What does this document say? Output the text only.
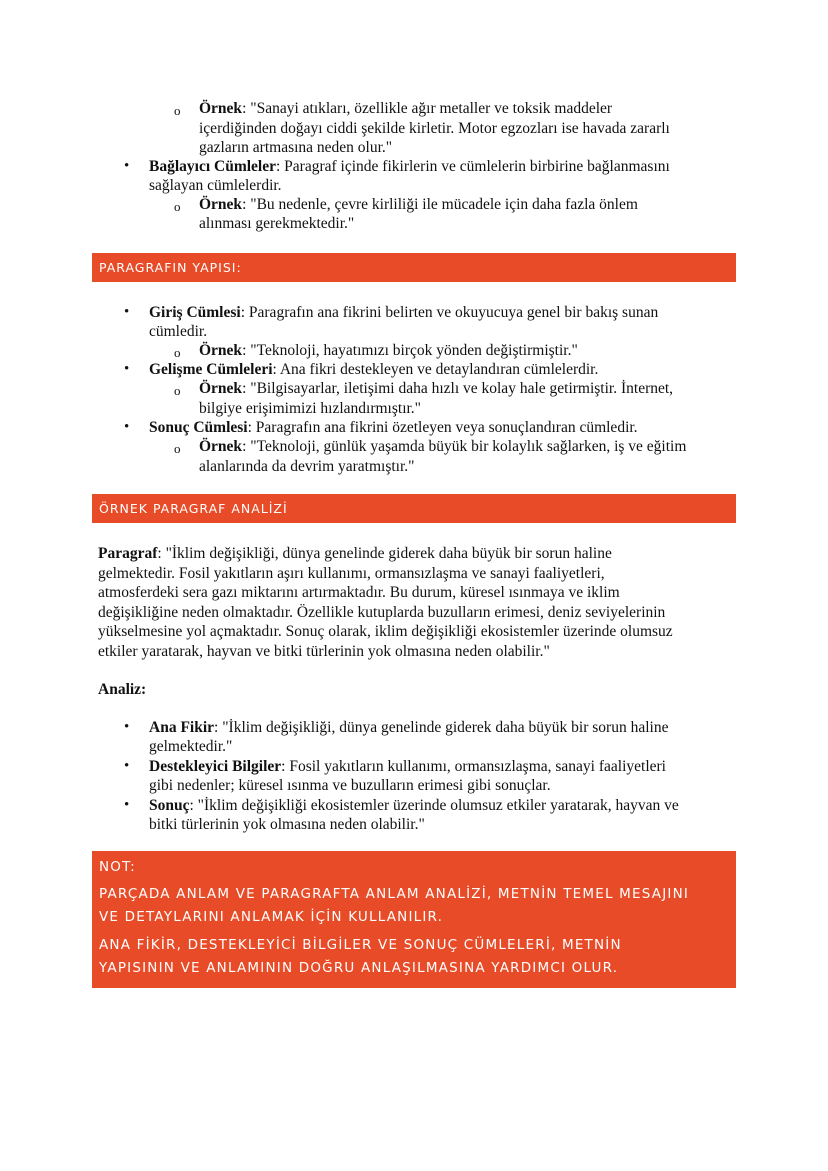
o Örnek: "Sanayi atıkları, özellikle ağır metaller ve toksik maddeler
içerdiğinden doğayı ciddi şekilde kirletir. Motor egzozları ise havada zararlı
gazların artmasına neden olur."
• Bağlayıcı Cümleler: Paragraf içinde fikirlerin ve cümlelerin birbirine bağlanmasını
sağlayan cümlelerdir.
o Örnek: "Bu nedenle, çevre kirliliği ile mücadele için daha fazla önlem
alınması gerekmektedir."
PARAGRAFIN YAPISI:
• Giriş Cümlesi: Paragrafın ana fikrini belirten ve okuyucuya genel bir bakış sunan
cümledir.
o Örnek: "Teknoloji, hayatımızı birçok yönden değiştirmiştir."
• Gelişme Cümleleri: Ana fikri destekleyen ve detaylandıran cümlelerdir.
o Örnek: "Bilgisayarlar, iletişimi daha hızlı ve kolay hale getirmiştir. İnternet,
bilgiye erişimimizi hızlandırmıştır."
• Sonuç Cümlesi: Paragrafın ana fikrini özetleyen veya sonuçlandıran cümledir.
o Örnek: "Teknoloji, günlük yaşamda büyük bir kolaylık sağlarken, iş ve eğitim
alanlarında da devrim yaratmıştır."
ÖRNEK PARAGRAF ANALİZİ
Paragraf: "İklim değişikliği, dünya genelinde giderek daha büyük bir sorun haline
gelmektedir. Fosil yakıtların aşırı kullanımı, ormansızlaşma ve sanayi faaliyetleri,
atmosferdeki sera gazı miktarını artırmaktadır. Bu durum, küresel ısınmaya ve iklim
değişikliğine neden olmaktadır. Özellikle kutuplarda buzulların erimesi, deniz seviyelerinin
yükselmesine yol açmaktadır. Sonuç olarak, iklim değişikliği ekosistemler üzerinde olumsuz
etkiler yaratarak, hayvan ve bitki türlerinin yok olmasına neden olabilir."
Analiz:
• Ana Fikir: "İklim değişikliği, dünya genelinde giderek daha büyük bir sorun haline
gelmektedir."
• Destekleyici Bilgiler: Fosil yakıtların kullanımı, ormansızlaşma, sanayi faaliyetleri
gibi nedenler; küresel ısınma ve buzulların erimesi gibi sonuçlar.
• Sonuç: "İklim değişikliği ekosistemler üzerinde olumsuz etkiler yaratarak, hayvan ve
bitki türlerinin yok olmasına neden olabilir."
NOT:
PARÇADA ANLAM VE PARAGRAFTA ANLAM ANALİZİ, METNİN TEMEL MESAJINI
VE DETAYLARINI ANLAMAK İÇİN KULLANILIR.
ANA FİKİR, DESTEKLEYİCİ BİLGİLER VE SONUÇ CÜMLELERİ, METNİN
YAPISININ VE ANLAMININ DOĞRU ANLAŞILMASINA YARDIMCI OLUR.
